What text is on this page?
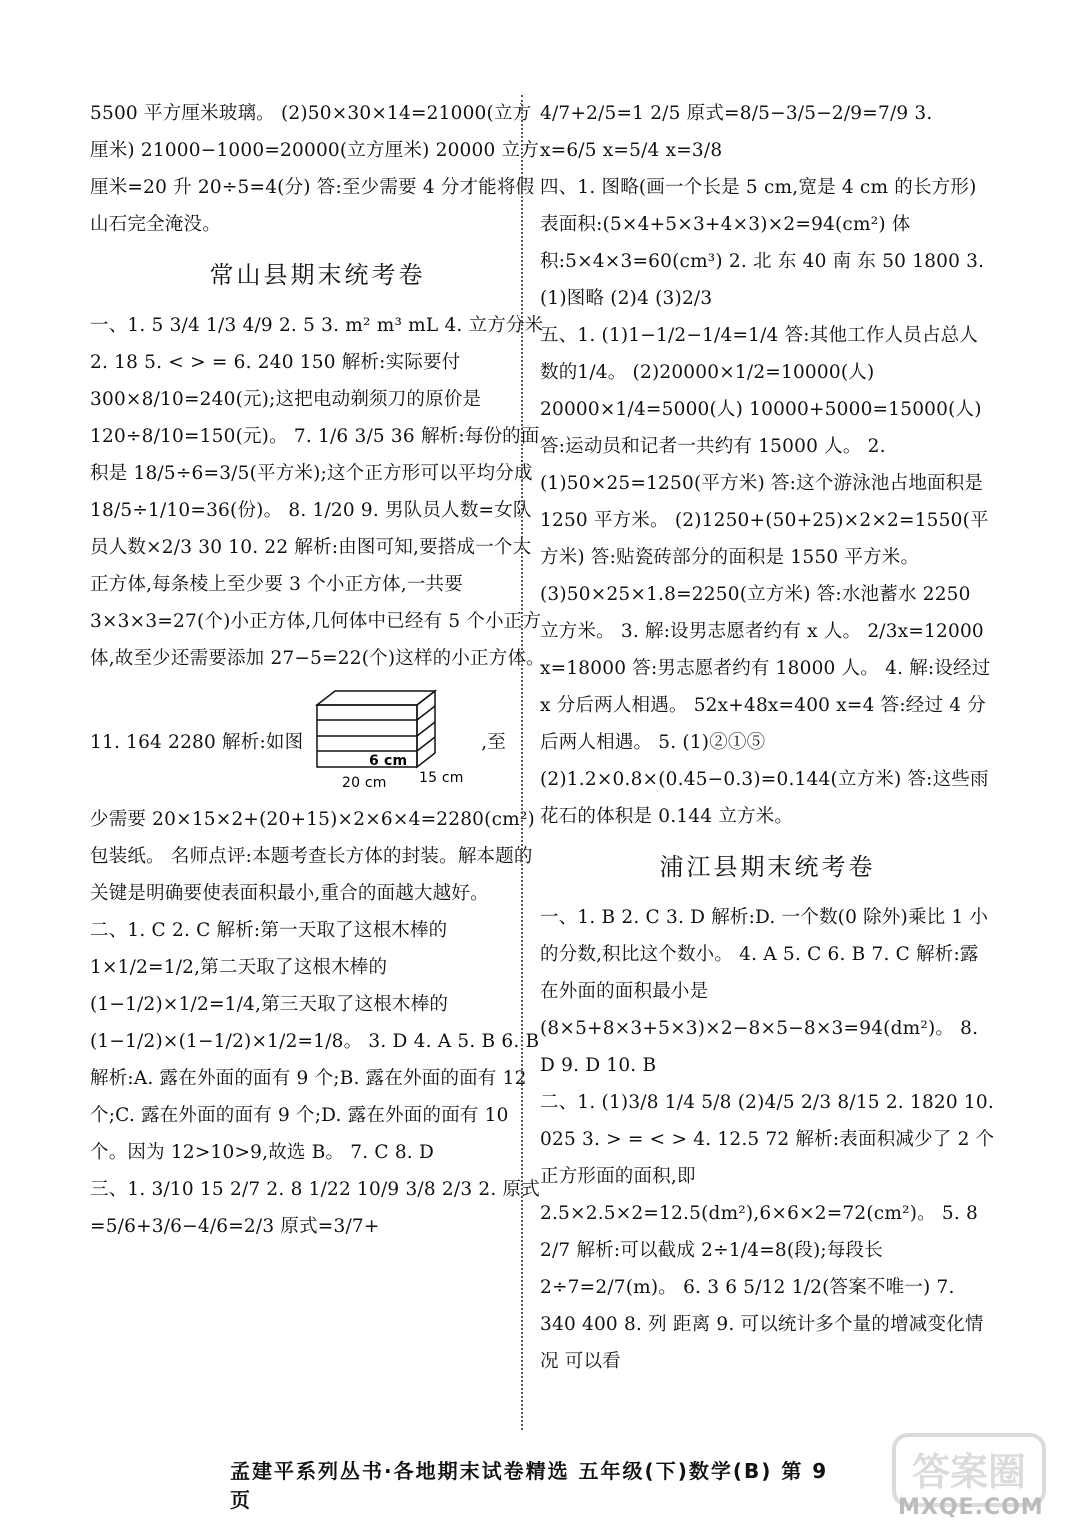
5500 平方厘米玻璃。 (2)50×30×14=21000(立方厘米) 21000−1000=20000(立方厘米) 20000 立方厘米=20 升 20÷5=4(分) 答:至少需要 4 分才能将假山石完全淹没。

常山县期末统考卷

一、1. 5 3/4 1/3 4/9 2. 5 3. m² m³ mL 4. 立方分米 2. 18 5. < > = 6. 240 150 解析:实际要付 300×8/10=240(元);这把电动剃须刀的原价是 120÷8/10=150(元)。 7. 1/6 3/5 36 解析:每份的面积是 18/5÷6=3/5(平方米);这个正方形可以平均分成 18/5÷1/10=36(份)。 8. 1/20 9. 男队员人数=女队员人数×2/3 30 10. 22 解析:由图可知,要搭成一个大正方体,每条棱上至少要 3 个小正方体,一共要 3×3×3=27(个)小正方体,几何体中已经有 5 个小正方体,故至少还需要添加 27−5=22(个)这样的小正方体。

11. 164 2280 解析:如图
6 cm
20 cm 15 cm
,至

少需要 20×15×2+(20+15)×2×6×4=2280(cm²)包装纸。 名师点评:本题考查长方体的封装。解本题的关键是明确要使表面积最小,重合的面越大越好。

二、1. C 2. C 解析:第一天取了这根木棒的 1×1/2=1/2,第二天取了这根木棒的(1−1/2)×1/2=1/4,第三天取了这根木棒的(1−1/2)×(1−1/2)×1/2=1/8。 3. D 4. A 5. B 6. B 解析:A. 露在外面的面有 9 个;B. 露在外面的面有 12 个;C. 露在外面的面有 9 个;D. 露在外面的面有 10 个。因为 12>10>9,故选 B。 7. C 8. D

三、1. 3/10 15 2/7 2. 8 1/22 10/9 3/8 2/3 2. 原式=5/6+3/6−4/6=2/3 原式=3/7+

4/7+2/5=1 2/5 原式=8/5−3/5−2/9=7/9 3. x=6/5 x=5/4 x=3/8

四、1. 图略(画一个长是 5 cm,宽是 4 cm 的长方形) 表面积:(5×4+5×3+4×3)×2=94(cm²) 体积:5×4×3=60(cm³) 2. 北 东 40 南 东 50 1800 3. (1)图略 (2)4 (3)2/3

五、1. (1)1−1/2−1/4=1/4 答:其他工作人员占总人数的1/4。 (2)20000×1/2=10000(人) 20000×1/4=5000(人) 10000+5000=15000(人) 答:运动员和记者一共约有 15000 人。 2. (1)50×25=1250(平方米) 答:这个游泳池占地面积是 1250 平方米。 (2)1250+(50+25)×2×2=1550(平方米) 答:贴瓷砖部分的面积是 1550 平方米。 (3)50×25×1.8=2250(立方米) 答:水池蓄水 2250 立方米。 3. 解:设男志愿者约有 x 人。 2/3x=12000 x=18000 答:男志愿者约有 18000 人。 4. 解:设经过 x 分后两人相遇。 52x+48x=400 x=4 答:经过 4 分后两人相遇。 5. (1)②①⑤ (2)1.2×0.8×(0.45−0.3)=0.144(立方米) 答:这些雨花石的体积是 0.144 立方米。

浦江县期末统考卷

一、1. B 2. C 3. D 解析:D. 一个数(0 除外)乘比 1 小的分数,积比这个数小。 4. A 5. C 6. B 7. C 解析:露在外面的面积最小是(8×5+8×3+5×3)×2−8×5−8×3=94(dm²)。 8. D 9. D 10. B

二、1. (1)3/8 1/4 5/8 (2)4/5 2/3 8/15 2. 1820 10. 025 3. > = < > 4. 12.5 72 解析:表面积减少了 2 个正方形面的面积,即 2.5×2.5×2=12.5(dm²),6×6×2=72(cm²)。 5. 8 2/7 解析:可以截成 2÷1/4=8(段);每段长 2÷7=2/7(m)。 6. 3 6 5/12 1/2(答案不唯一) 7. 340 400 8. 列 距离 9. 可以统计多个量的增减变化情况 可以看

孟建平系列丛书·各地期末试卷精选 五年级(下)数学(B) 第 9 页
答案圈
MXQE.COM
